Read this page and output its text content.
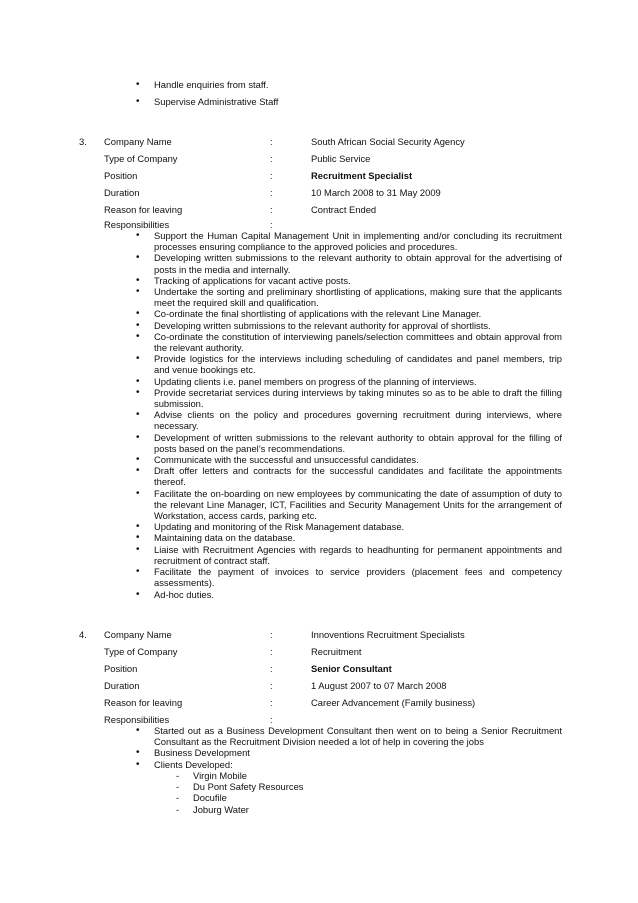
• Handle enquiries from staff.
• Supervise Administrative Staff
3. Company Name	:	South African Social Security Agency
Type of Company	:	Public Service
Position	:	Recruitment Specialist
Duration	:	10 March 2008 to 31 May 2009
Reason for leaving	:	Contract Ended
Responsibilities	:
• Support the Human Capital Management Unit in implementing and/or concluding its recruitment processes ensuring compliance to the approved policies and procedures.
• Developing written submissions to the relevant authority to obtain approval for the advertising of posts in the media and internally.
• Tracking of applications for vacant active posts.
• Undertake the sorting and preliminary shortlisting of applications, making sure that the applicants meet the required skill and qualification.
• Co-ordinate the final shortlisting of applications with the relevant Line Manager.
• Developing written submissions to the relevant authority for approval of shortlists.
• Co-ordinate the constitution of interviewing panels/selection committees and obtain approval from the relevant authority.
• Provide logistics for the interviews including scheduling of candidates and panel members, trip and venue bookings etc.
• Updating clients i.e. panel members on progress of the planning of interviews.
• Provide secretariat services during interviews by taking minutes so as to be able to draft the filling submission.
• Advise clients on the policy and procedures governing recruitment during interviews, where necessary.
• Development of written submissions to the relevant authority to obtain approval for the filling of posts based on the panel’s recommendations.
• Communicate with the successful and unsuccessful candidates.
• Draft offer letters and contracts for the successful candidates and facilitate the appointments thereof.
• Facilitate the on-boarding on new employees by communicating the date of assumption of duty to the relevant Line Manager, ICT, Facilities and Security Management Units for the arrangement of Workstation, access cards, parking etc.
• Updating and monitoring of the Risk Management database.
• Maintaining data on the database.
• Liaise with Recruitment Agencies with regards to headhunting for permanent appointments and recruitment of contract staff.
• Facilitate the payment of invoices to service providers (placement fees and competency assessments).
• Ad-hoc duties.
4. Company Name	:	Innoventions Recruitment Specialists
Type of Company	:	Recruitment
Position	:	Senior Consultant
Duration	:	1 August 2007 to 07 March 2008
Reason for leaving	:	Career Advancement (Family business)
Responsibilities	:
• Started out as a Business Development Consultant then went on to being a Senior Recruitment Consultant as the Recruitment Division needed a lot of help in covering the jobs
• Business Development
• Clients Developed:
- Virgin Mobile
- Du Pont Safety Resources
- Docufile
- Joburg Water
